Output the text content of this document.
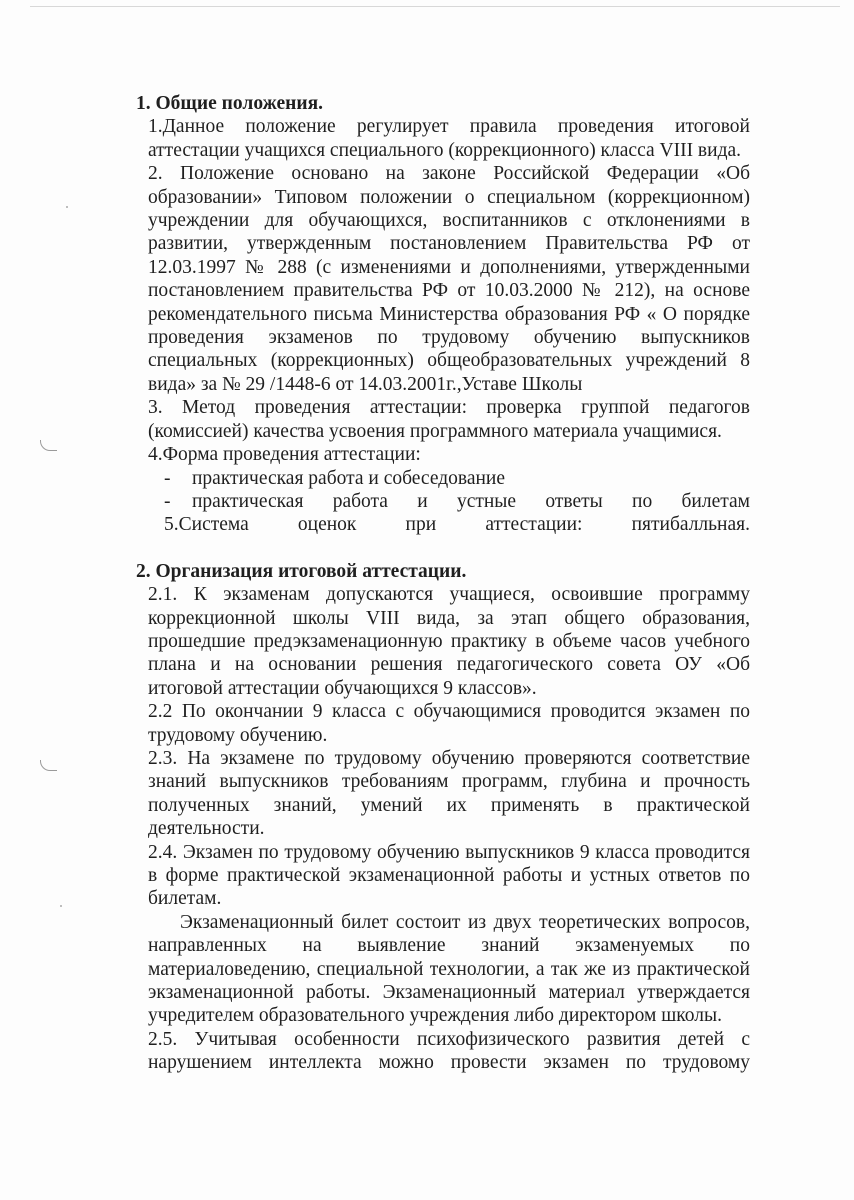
1. Общие положения.

1.Данное положение регулирует правила проведения итоговой аттестации учащихся специального (коррекционного) класса VIII вида.

2. Положение основано на законе Российской Федерации «Об образовании» Типовом положении о специальном (коррекционном) учреждении для обучающихся, воспитанников с отклонениями в развитии, утвержденным постановлением Правительства РФ от 12.03.1997 № 288 (с изменениями и дополнениями, утвержденными постановлением правительства РФ от 10.03.2000 № 212), на основе рекомендательного письма Министерства образования РФ « О порядке проведения экзаменов по трудовому обучению выпускников специальных (коррекционных) общеобразовательных учреждений 8 вида» за № 29 /1448-6 от 14.03.2001г.,Уставе Школы

3. Метод проведения аттестации: проверка группой педагогов (комиссией) качества усвоения программного материала учащимися.

4.Форма проведения аттестации:

-	практическая работа и собеседование
-	практическая работа и устные ответы по билетам

5.Система оценок при аттестации: пятибалльная.

2. Организация итоговой аттестации.

2.1. К экзаменам допускаются учащиеся, освоившие программу коррекционной школы VIII вида, за этап общего образования, прошедшие предэкзаменационную практику в объеме часов учебного плана и на основании решения педагогического совета ОУ «Об итоговой аттестации обучающихся 9 классов».

2.2 По окончании 9 класса с обучающимися проводится экзамен по трудовому обучению.

2.3. На экзамене по трудовому обучению проверяются соответствие знаний выпускников требованиям программ, глубина и прочность полученных знаний, умений их применять в практической деятельности.

2.4. Экзамен по трудовому обучению выпускников 9 класса проводится в форме практической экзаменационной работы и устных ответов по билетам.

Экзаменационный билет состоит из двух теоретических вопросов, направленных на выявление знаний экзаменуемых по материаловедению, специальной технологии, а так же из практической экзаменационной работы. Экзаменационный материал утверждается учредителем образовательного учреждения либо директором школы.

2.5. Учитывая особенности психофизического развития детей с нарушением интеллекта можно провести экзамен по трудовому
